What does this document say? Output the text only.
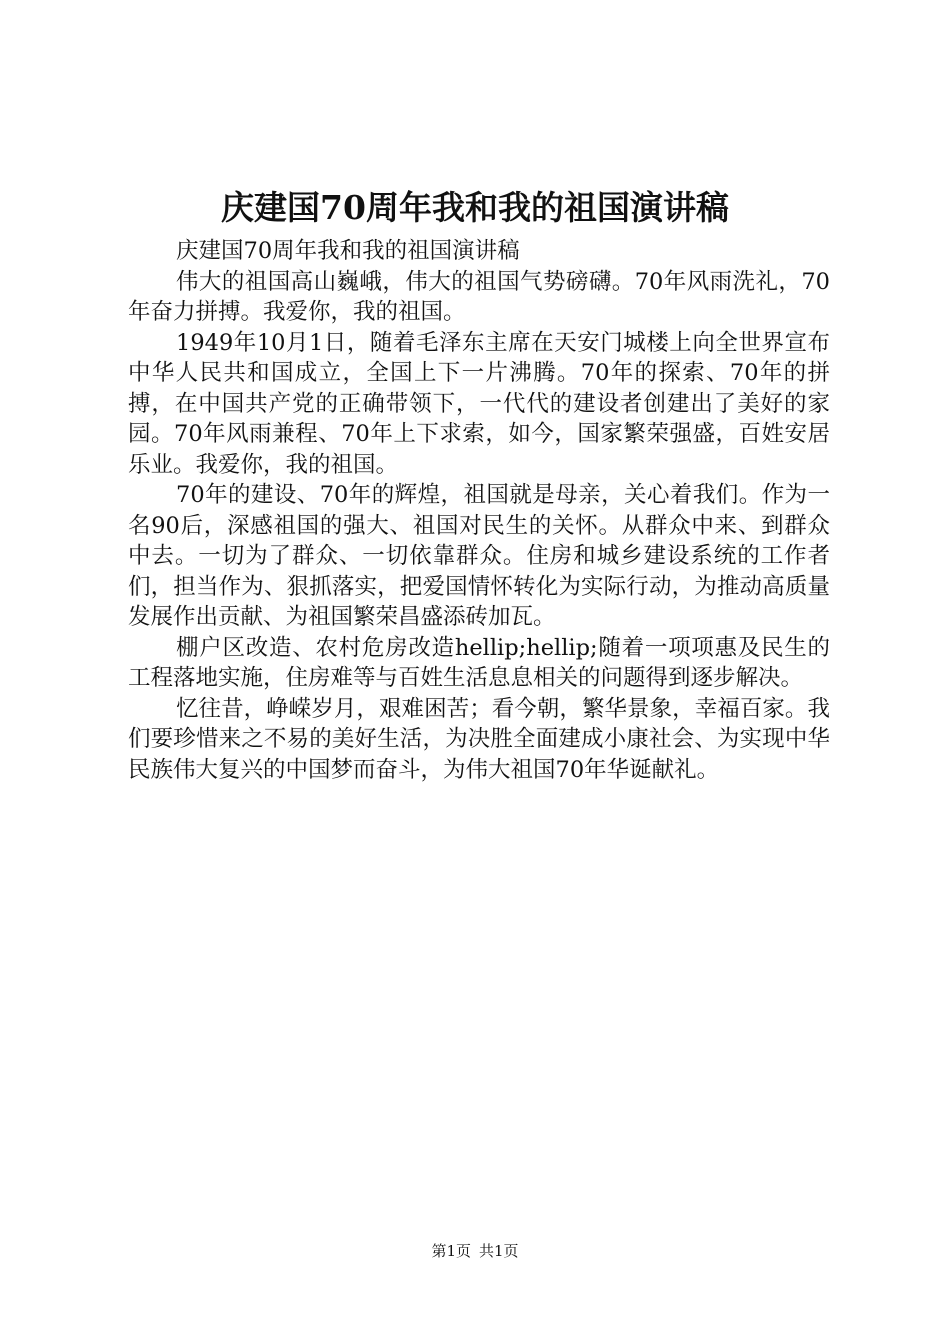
庆建国70周年我和我的祖国演讲稿

庆建国70周年我和我的祖国演讲稿

伟大的祖国高山巍峨，伟大的祖国气势磅礴。70年风雨洗礼，70年奋力拼搏。我爱你，我的祖国。

1949年10月1日，随着毛泽东主席在天安门城楼上向全世界宣布中华人民共和国成立，全国上下一片沸腾。70年的探索、70年的拼搏，在中国共产党的正确带领下，一代代的建设者创建出了美好的家园。70年风雨兼程、70年上下求索，如今，国家繁荣强盛，百姓安居乐业。我爱你，我的祖国。

70年的建设、70年的辉煌，祖国就是母亲，关心着我们。作为一名90后，深感祖国的强大、祖国对民生的关怀。从群众中来、到群众中去。一切为了群众、一切依靠群众。住房和城乡建设系统的工作者们，担当作为、狠抓落实，把爱国情怀转化为实际行动，为推动高质量发展作出贡献、为祖国繁荣昌盛添砖加瓦。

棚户区改造、农村危房改造hellip;hellip;随着一项项惠及民生的工程落地实施，住房难等与百姓生活息息相关的问题得到逐步解决。

忆往昔，峥嵘岁月，艰难困苦；看今朝，繁华景象，幸福百家。我们要珍惜来之不易的美好生活，为决胜全面建成小康社会、为实现中华民族伟大复兴的中国梦而奋斗，为伟大祖国70年华诞献礼。

第1页 共1页
